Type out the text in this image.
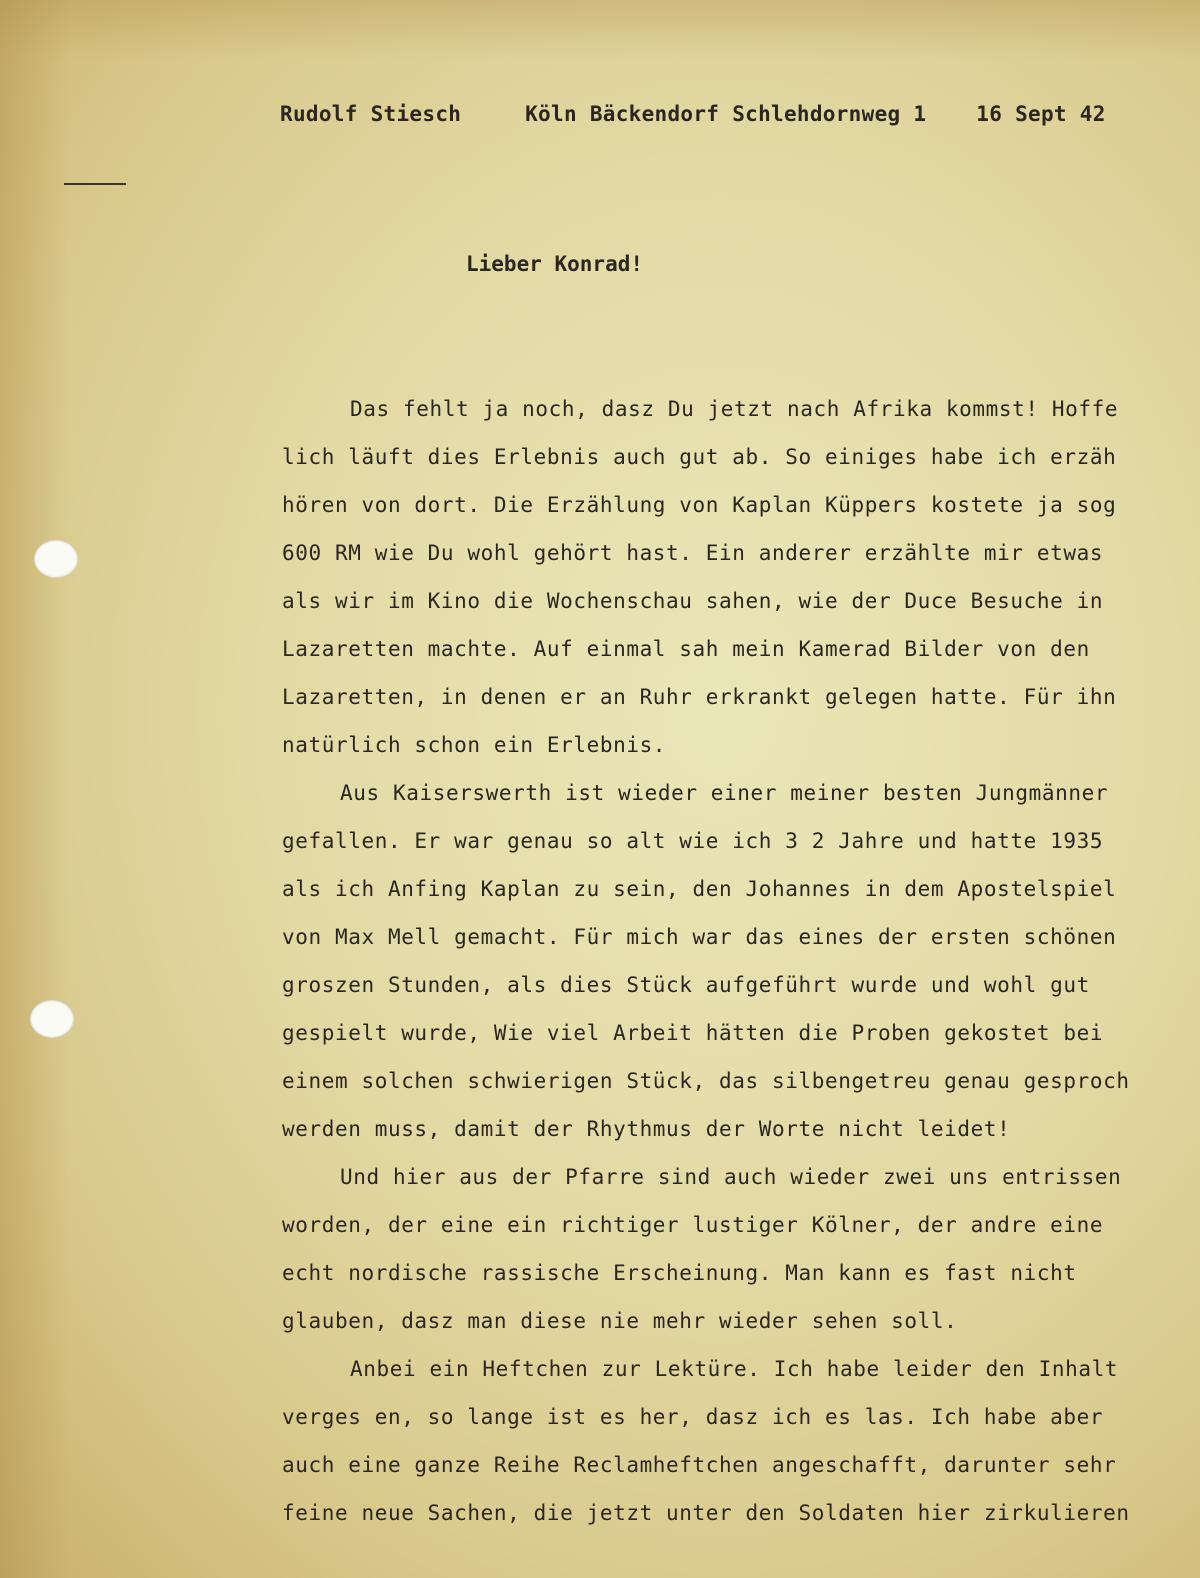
Rudolf Stiesch	Köln Bäckendorf Schlehdornweg 1 16 Sept 42
Lieber Konrad!
Das fehlt ja noch, dasz Du jetzt nach Afrika kommst! Hoffe
lich läuft dies Erlebnis auch gut ab. So einiges habe ich erzäh
hören von dort. Die Erzählung von Kaplan Küppers kostete ja sog
600 RM wie Du wohl gehört hast. Ein anderer erzählte mir etwas
als wir im Kino die Wochenschau sahen, wie der Duce Besuche in
Lazaretten machte. Auf einmal sah mein Kamerad Bilder von den
Lazaretten, in denen er an Ruhr erkrankt gelegen hatte. Für ihn
natürlich schon ein Erlebnis.
Aus Kaiserswerth ist wieder einer meiner besten Jungmänner
gefallen. Er war genau so alt wie ich 3 2 Jahre und hatte 1935
als ich Anfing Kaplan zu sein, den Johannes in dem Apostelspiel
von Max Mell gemacht. Für mich war das eines der ersten schönen
groszen Stunden, als dies Stück aufgeführt wurde und wohl gut
gespielt wurde, Wie viel Arbeit hätten die Proben gekostet bei
einem solchen schwierigen Stück, das silbengetreu genau gesproch
werden muss, damit der Rhythmus der Worte nicht leidet!
Und hier aus der Pfarre sind auch wieder zwei uns entrissen
worden, der eine ein richtiger lustiger Kölner, der andre eine
echt nordische rassische Erscheinung. Man kann es fast nicht
glauben, dasz man diese nie mehr wieder sehen soll.
Anbei ein Heftchen zur Lektüre. Ich habe leider den Inhalt
verges en, so lange ist es her, dasz ich es las. Ich habe aber
auch eine ganze Reihe Reclamheftchen angeschafft, darunter sehr
feine neue Sachen, die jetzt unter den Soldaten hier zirkulieren
